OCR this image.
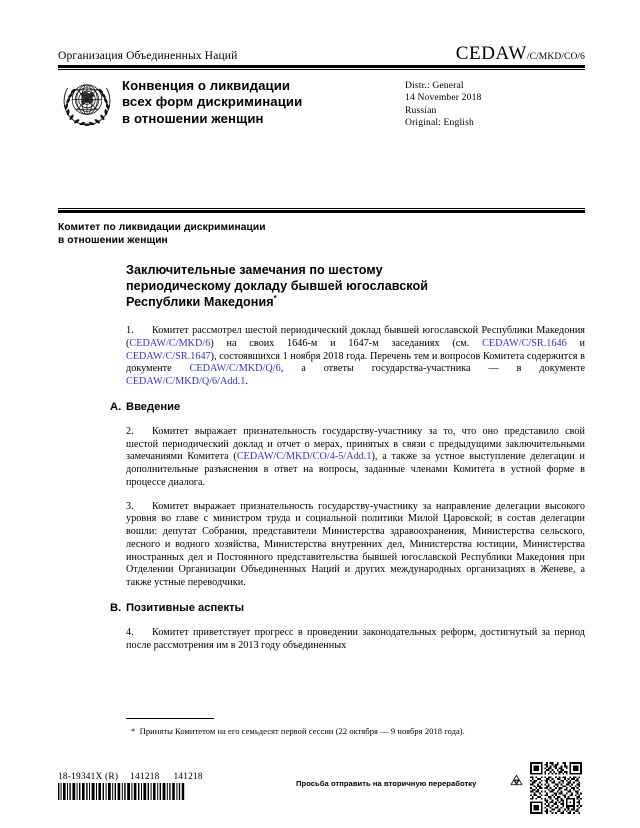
Организация Объединенных Наций	CEDAW /C/MKD/CO/6
Конвенция о ликвидации
всех форм дискриминации
в отношении женщин
Distr.: General
14 November 2018
Russian
Original: English
Комитет по ликвидации дискриминации
в отношении женщин
Заключительные замечания по шестому
периодическому докладу бывшей югославской
Республики Македония*

1. Комитет рассмотрел шестой периодический доклад бывшей югославской Республики Македония (CEDAW/C/MKD/6) на своих 1646-м и 1647-м заседаниях (см. CEDAW/C/SR.1646 и CEDAW/C/SR.1647), состоявшихся 1 ноября 2018 года. Перечень тем и вопросов Комитета содержится в документе CEDAW/C/MKD/Q/6, а ответы государства-участника — в документе CEDAW/C/MKD/Q/6/Add.1.

A. Введение

2. Комитет выражает признательность государству-участнику за то, что оно представило свой шестой периодический доклад и отчет о мерах, принятых в связи с предыдущими заключительными замечаниями Комитета (CEDAW/C/MKD/CO/4-5/Add.1), а также за устное выступление делегации и дополнительные разъяснения в ответ на вопросы, заданные членами Комитета в устной форме в процессе диалога.

3. Комитет выражает признательность государству-участнику за направление делегации высокого уровня во главе с министром труда и социальной политики Милой Царовской; в состав делегации вошли: депутат Собрания, представители Министерства здравоохранения, Министерства сельского, лесного и водного хозяйства, Министерства внутренних дел, Министерства юстиции, Министерства иностранных дел и Постоянного представительства бывшей югославской Республики Македония при Отделении Организации Объединенных Наций и других международных организациях в Женеве, а также устные переводчики.

B. Позитивные аспекты

4. Комитет приветствует прогресс в проведении законодательных реформ, достигнутый за период после рассмотрения им в 2013 году объединенных

* Приняты Комитетом на его семьдесят первой сессии (22 октября — 9 ноября 2018 года).
18-19341X (R) 141218 141218
Просьба отправить на вторичную переработку
